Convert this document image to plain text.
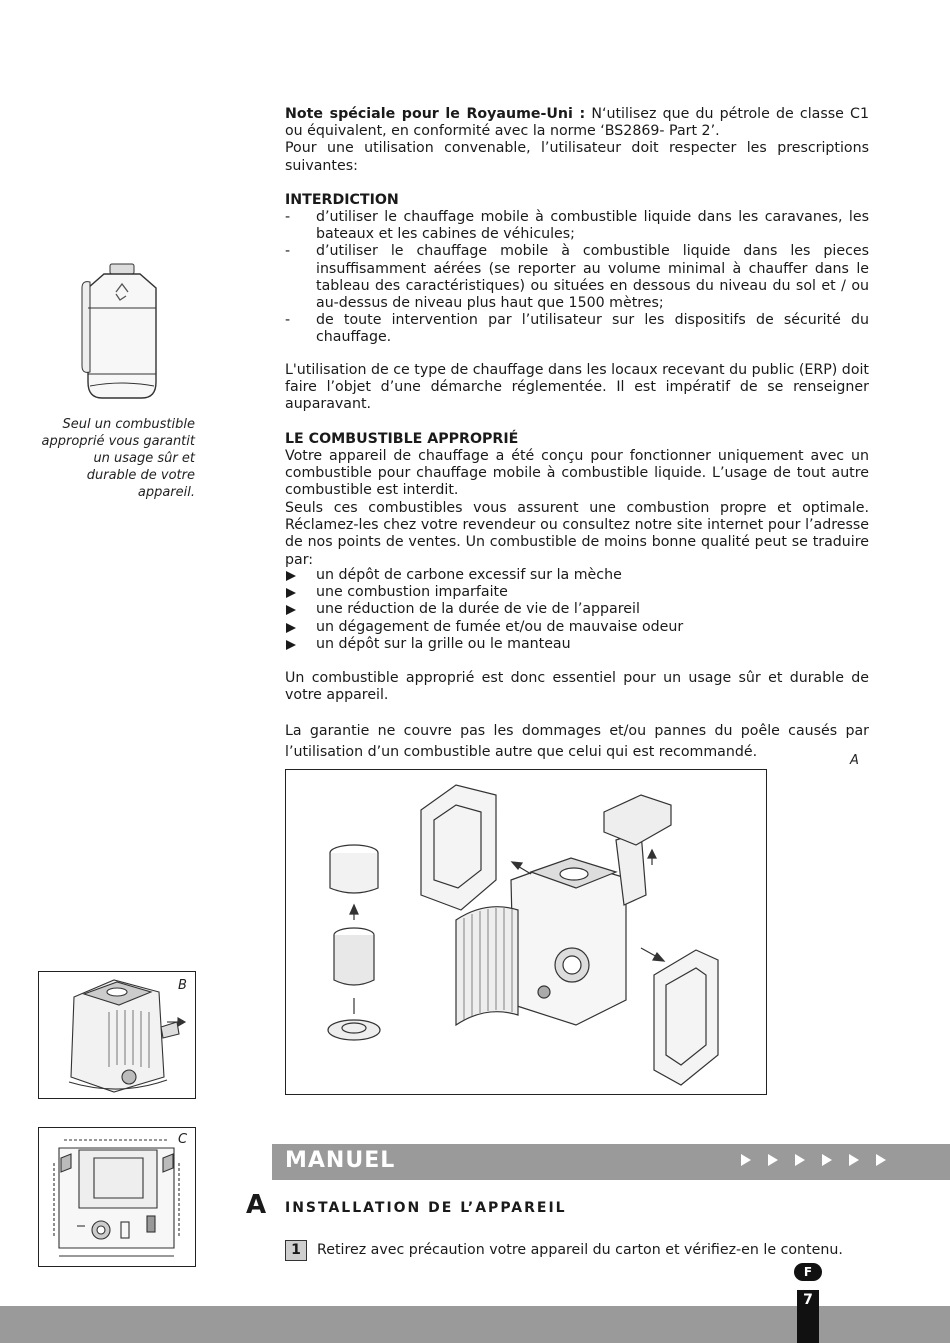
Note spéciale pour le Royaume-Uni : N‘utilisez que du pétrole de classe C1 ou équivalent, en conformité avec la norme ‘BS2869- Part 2’.
Pour une utilisation convenable, l’utilisateur doit respecter les prescriptions suivantes:
INTERDICTION
- d’utiliser le chauffage mobile à combustible liquide dans les caravanes, les bateaux et les cabines de véhicules;
- d’utiliser le chauffage mobile à combustible liquide dans les pieces insuffisamment aérées (se reporter au volume minimal à chauffer dans le tableau des caractéristiques) ou situées en dessous du niveau du sol et / ou au-dessus de niveau plus haut que 1500 mètres;
- de toute intervention par l’utilisateur sur les dispositifs de sécurité du chauffage.
L'utilisation de ce type de chauffage dans les locaux recevant du public (ERP) doit faire l’objet d’une démarche réglementée. Il est impératif de se renseigner auparavant.
LE COMBUSTIBLE APPROPRIÉ
Votre appareil de chauffage a été conçu pour fonctionner uniquement avec un combustible pour chauffage mobile à combustible liquide. L’usage de tout autre combustible est interdit.
Seuls ces combustibles vous assurent une combustion propre et optimale. Réclamez-les chez votre revendeur ou consultez notre site internet pour l’adresse de nos points de ventes. Un combustible de moins bonne qualité peut se traduire par:
un dépôt de carbone excessif sur la mèche
une combustion imparfaite
une réduction de la durée de vie de l’appareil
un dégagement de fumée et/ou de mauvaise odeur
un dépôt sur la grille ou le manteau
Un combustible approprié est donc essentiel pour un usage sûr et durable de votre appareil.
La garantie ne couvre pas les dommages et/ou pannes du poêle causés par l’utilisation d’un combustible autre que celui qui est recommandé.
Seul un combustible approprié vous garantit un usage sûr et durable de votre appareil.
A
B
C
MANUEL
A INSTALLATION DE L’APPAREIL
1	Retirez avec précaution votre appareil du carton et vérifiez-en le contenu.
F
7
